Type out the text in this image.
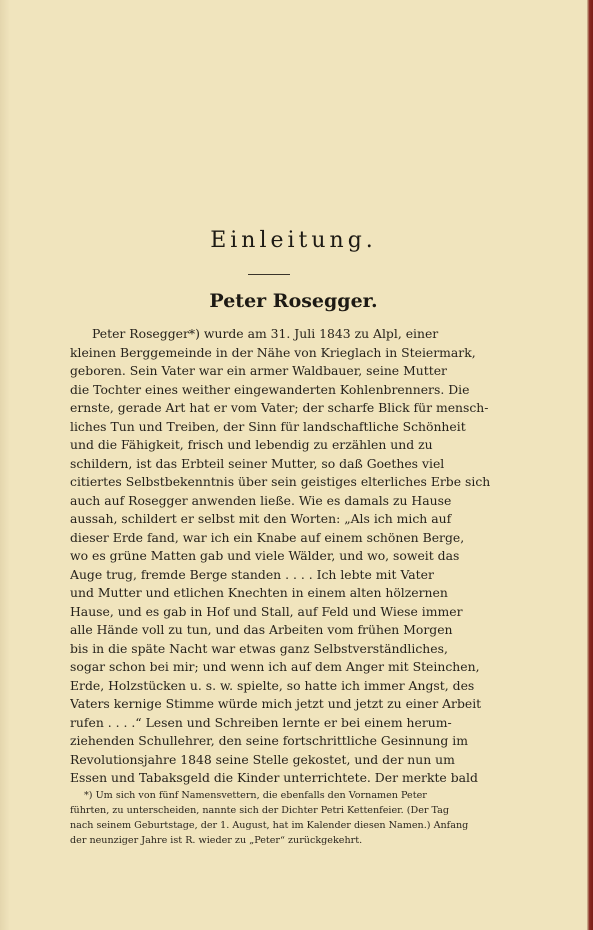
Einleitung.
Peter Rosegger.
Peter Rosegger*) wurde am 31. Juli 1843 zu Alpl, einer
kleinen Berggemeinde in der Nähe von Krieglach in Steiermark,
geboren. Sein Vater war ein armer Waldbauer, seine Mutter
die Tochter eines weither eingewanderten Kohlenbrenners. Die
ernste, gerade Art hat er vom Vater; der scharfe Blick für mensch-
liches Tun und Treiben, der Sinn für landschaftliche Schönheit
und die Fähigkeit, frisch und lebendig zu erzählen und zu
schildern, ist das Erbteil seiner Mutter, so daß Goethes viel
citiertes Selbstbekenntnis über sein geistiges elterliches Erbe sich
auch auf Rosegger anwenden ließe. Wie es damals zu Hause
aussah, schildert er selbst mit den Worten: „Als ich mich auf
dieser Erde fand, war ich ein Knabe auf einem schönen Berge,
wo es grüne Matten gab und viele Wälder, und wo, soweit das
Auge trug, fremde Berge standen . . . . Ich lebte mit Vater
und Mutter und etlichen Knechten in einem alten hölzernen
Hause, und es gab in Hof und Stall, auf Feld und Wiese immer
alle Hände voll zu tun, und das Arbeiten vom frühen Morgen
bis in die späte Nacht war etwas ganz Selbstverständliches,
sogar schon bei mir; und wenn ich auf dem Anger mit Steinchen,
Erde, Holzstücken u. s. w. spielte, so hatte ich immer Angst, des
Vaters kernige Stimme würde mich jetzt und jetzt zu einer Arbeit
rufen . . . .“ Lesen und Schreiben lernte er bei einem herum-
ziehenden Schullehrer, den seine fortschrittliche Gesinnung im
Revolutionsjahre 1848 seine Stelle gekostet, und der nun um
Essen und Tabaksgeld die Kinder unterrichtete. Der merkte bald
*) Um sich von fünf Namensvettern, die ebenfalls den Vornamen Peter
führten, zu unterscheiden, nannte sich der Dichter Petri Kettenfeier. (Der Tag
nach seinem Geburtstage, der 1. August, hat im Kalender diesen Namen.) Anfang
der neunziger Jahre ist R. wieder zu „Peter“ zurückgekehrt.
